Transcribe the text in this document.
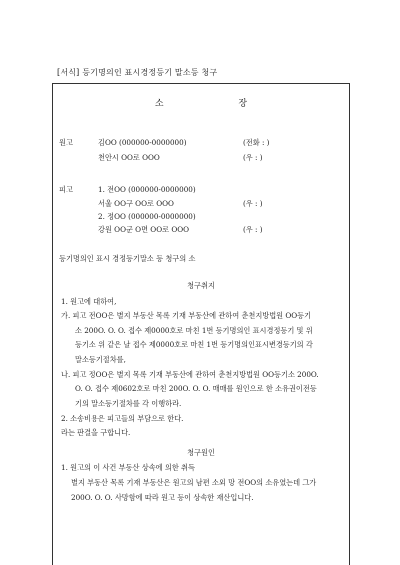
[서식] 등기명의인 표시경정등기 말소등 청구
소 장
원고	김OO (000000-0000000)	(전화 : )
천안시 OO로 OOO	(우 : )
피고	1. 전OO (000000-0000000)
서울 OO구 OO로 OOO	(우 : )
2. 정OO (000000-0000000)
강원 OO군 O면 OO로 OOO	(우 : )
등기명의인 표시 경정등기말소 등 청구의 소
청구취지
1. 원고에 대하여,
가. 피고 전OO은 별지 부동산 목록 기재 부동산에 관하여 춘천지방법원 OO등기
소 200O. O. O. 접수 제0000호로 마친 1번 등기명의인 표시경정등기 및 위
등기소 위 같은 날 접수 제0000호로 마친 1번 등기명의인표시변경등기의 각
말소등기절차를,
나. 피고 정OO은 별지 목록 기재 부동산에 관하여 춘천지방법원 OO등기소 200O.
O. O. 접수 제0602호로 마친 200O. O. O. 매매를 원인으로 한 소유권이전등
기의 말소등기절차를 각 이행하라.
2. 소송비용은 피고들의 부담으로 한다.
라는 판결을 구합니다.
청구원인
1. 원고의 이 사건 부동산 상속에 의한 취득
별지 부동산 목록 기재 부동산은 원고의 남편 소외 망 전OO의 소유였는데 그가
200O. O. O. 사망함에 따라 원고 등이 상속한 재산입니다.
